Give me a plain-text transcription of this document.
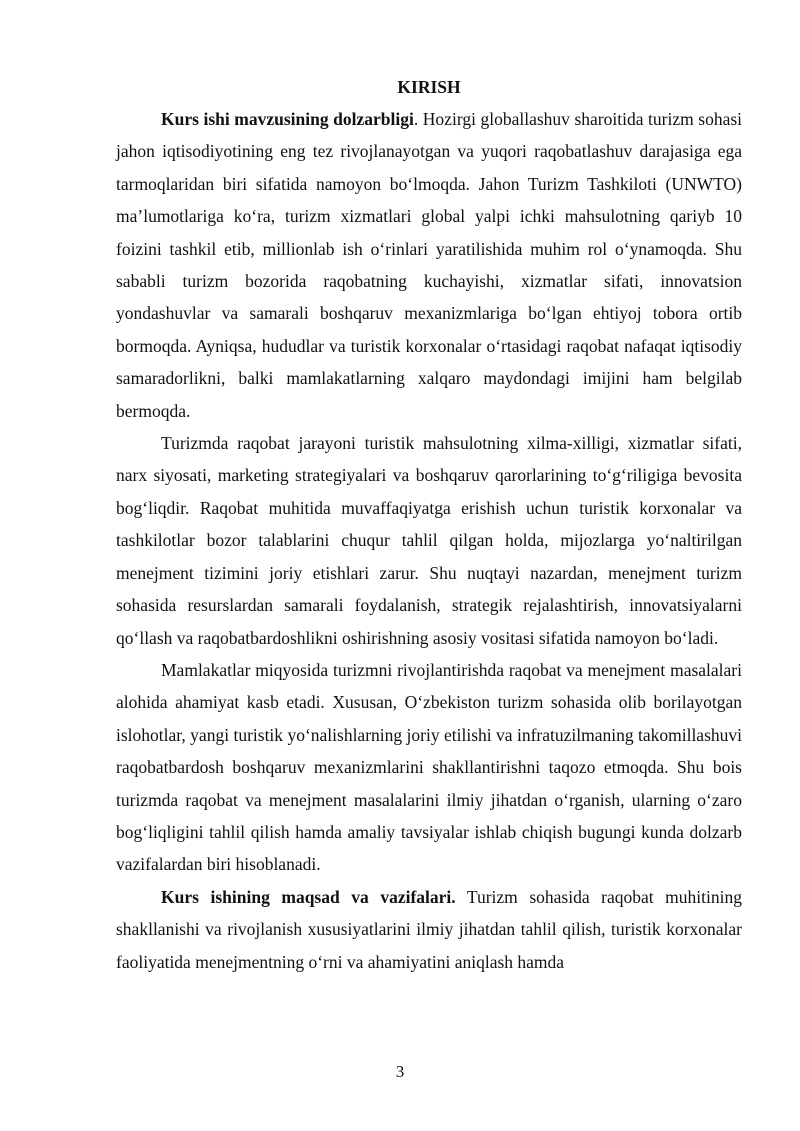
KIRISH

Kurs ishi mavzusining dolzarbligi. Hozirgi globallashuv sharoitida turizm sohasi jahon iqtisodiyotining eng tez rivojlanayotgan va yuqori raqobatlashuv darajasiga ega tarmoqlaridan biri sifatida namoyon bo‘lmoqda. Jahon Turizm Tashkiloti (UNWTO) ma’lumotlariga ko‘ra, turizm xizmatlari global yalpi ichki mahsulotning qariyb 10 foizini tashkil etib, millionlab ish o‘rinlari yaratilishida muhim rol o‘ynamoqda. Shu sababli turizm bozorida raqobatning kuchayishi, xizmatlar sifati, innovatsion yondashuvlar va samarali boshqaruv mexanizmlariga bo‘lgan ehtiyoj tobora ortib bormoqda. Ayniqsa, hududlar va turistik korxonalar o‘rtasidagi raqobat nafaqat iqtisodiy samaradorlikni, balki mamlakatlarning xalqaro maydondagi imijini ham belgilab bermoqda.

Turizmda raqobat jarayoni turistik mahsulotning xilma-xilligi, xizmatlar sifati, narx siyosati, marketing strategiyalari va boshqaruv qarorlarining to‘g‘riligiga bevosita bog‘liqdir. Raqobat muhitida muvaffaqiyatga erishish uchun turistik korxonalar va tashkilotlar bozor talablarini chuqur tahlil qilgan holda, mijozlarga yo‘naltirilgan menejment tizimini joriy etishlari zarur. Shu nuqtayi nazardan, menejment turizm sohasida resurslardan samarali foydalanish, strategik rejalashtirish, innovatsiyalarni qo‘llash va raqobatbardoshlikni oshirishning asosiy vositasi sifatida namoyon bo‘ladi.

Mamlakatlar miqyosida turizmni rivojlantirishda raqobat va menejment masalalari alohida ahamiyat kasb etadi. Xususan, O‘zbekiston turizm sohasida olib borilayotgan islohotlar, yangi turistik yo‘nalishlarning joriy etilishi va infratuzilmaning takomillashuvi raqobatbardosh boshqaruv mexanizmlarini shakllantirishni taqozo etmoqda. Shu bois turizmda raqobat va menejment masalalarini ilmiy jihatdan o‘rganish, ularning o‘zaro bog‘liqligini tahlil qilish hamda amaliy tavsiyalar ishlab chiqish bugungi kunda dolzarb vazifalardan biri hisoblanadi.

Kurs ishining maqsad va vazifalari. Turizm sohasida raqobat muhitining shakllanishi va rivojlanish xususiyatlarini ilmiy jihatdan tahlil qilish, turistik korxonalar faoliyatida menejmentning o‘rni va ahamiyatini aniqlash hamda

3
